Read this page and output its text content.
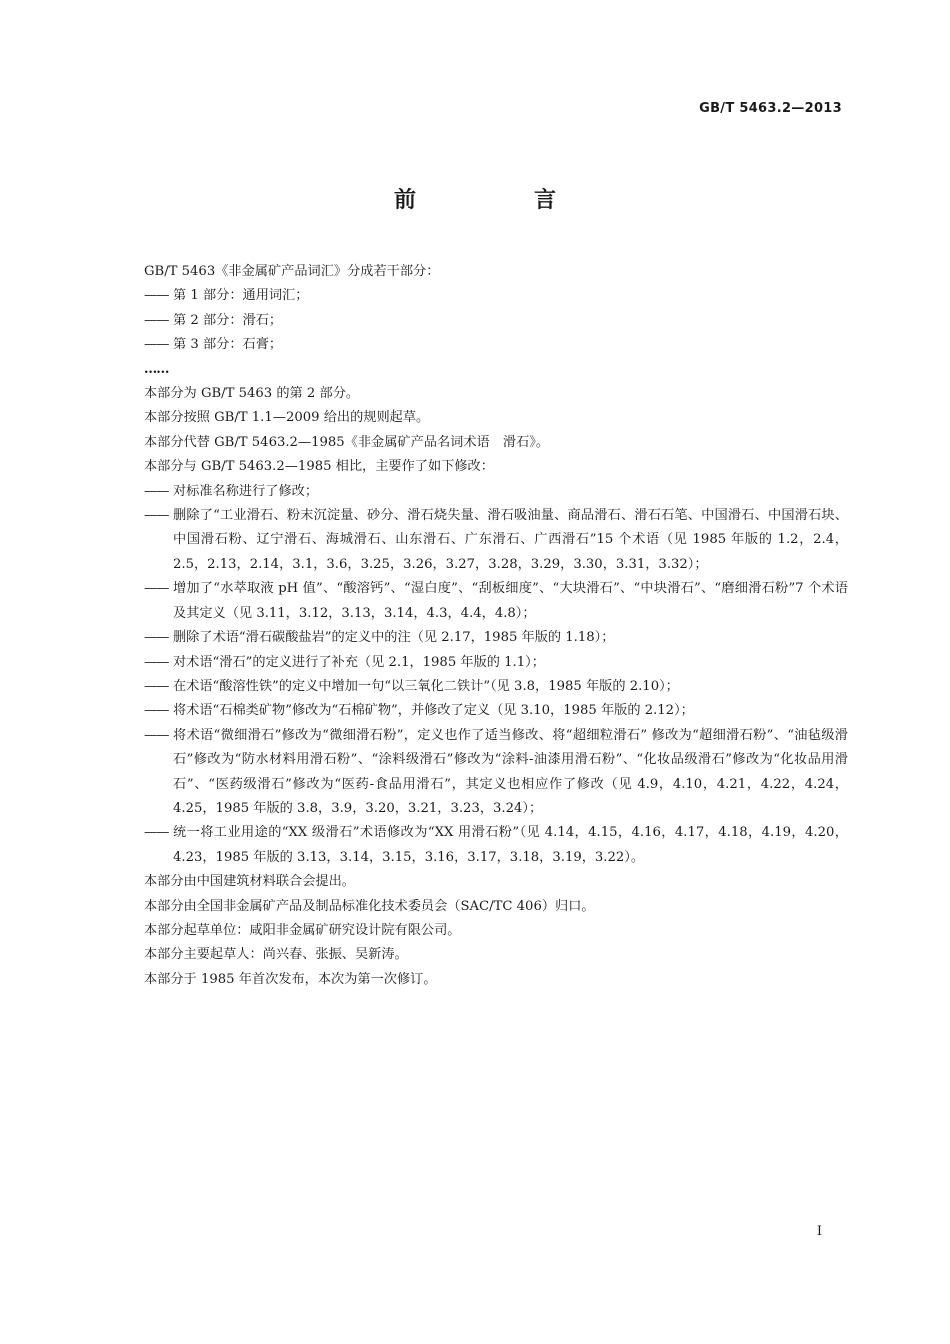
GB/T 5463.2—2013
前　言

GB/T 5463《非金属矿产品词汇》分成若干部分：

—— 第 1 部分：通用词汇；
—— 第 2 部分：滑石；
—— 第 3 部分：石膏；

……

本部分为 GB/T 5463 的第 2 部分。

本部分按照 GB/T 1.1—2009 给出的规则起草。

本部分代替 GB/T 5463.2—1985《非金属矿产品名词术语　滑石》。

本部分与 GB/T 5463.2—1985 相比，主要作了如下修改：

—— 对标准名称进行了修改；
—— 删除了“工业滑石、粉末沉淀量、砂分、滑石烧失量、滑石吸油量、商品滑石、滑石石笔、中国滑石、中国滑石块、中国滑石粉、辽宁滑石、海城滑石、山东滑石、广东滑石、广西滑石”15 个术语（见 1985 年版的 1.2，2.4，2.5，2.13，2.14，3.1，3.6，3.25，3.26，3.27，3.28，3.29，3.30，3.31，3.32）；
—— 增加了“水萃取液 pH 值”、“酸溶钙”、“湿白度”、“刮板细度”、“大块滑石”、“中块滑石”、“磨细滑石粉”7 个术语及其定义（见 3.11，3.12，3.13，3.14，4.3，4.4，4.8）；
—— 删除了术语“滑石碳酸盐岩”的定义中的注（见 2.17，1985 年版的 1.18）；
—— 对术语“滑石”的定义进行了补充（见 2.1，1985 年版的 1.1）；
—— 在术语“酸溶性铁”的定义中增加一句“以三氧化二铁计”（见 3.8，1985 年版的 2.10）；
—— 将术语“石棉类矿物”修改为“石棉矿物”，并修改了定义（见 3.10，1985 年版的 2.12）；
—— 将术语“微细滑石”修改为“微细滑石粉”，定义也作了适当修改、将“超细粒滑石” 修改为“超细滑石粉”、“油毡级滑石”修改为“防水材料用滑石粉”、“涂料级滑石”修改为“涂料-油漆用滑石粉”、“化妆品级滑石”修改为“化妆品用滑石”、“医药级滑石”修改为“医药-食品用滑石”，其定义也相应作了修改（见 4.9，4.10，4.21，4.22，4.24，4.25，1985 年版的 3.8，3.9，3.20，3.21，3.23，3.24）；
—— 统一将工业用途的“XX 级滑石”术语修改为“XX 用滑石粉”（见 4.14，4.15，4.16，4.17，4.18，4.19，4.20，4.23，1985 年版的 3.13，3.14，3.15，3.16，3.17，3.18，3.19，3.22）。

本部分由中国建筑材料联合会提出。

本部分由全国非金属矿产品及制品标准化技术委员会（SAC/TC 406）归口。

本部分起草单位：咸阳非金属矿研究设计院有限公司。

本部分主要起草人：尚兴春、张振、吴新涛。

本部分于 1985 年首次发布，本次为第一次修订。

I
